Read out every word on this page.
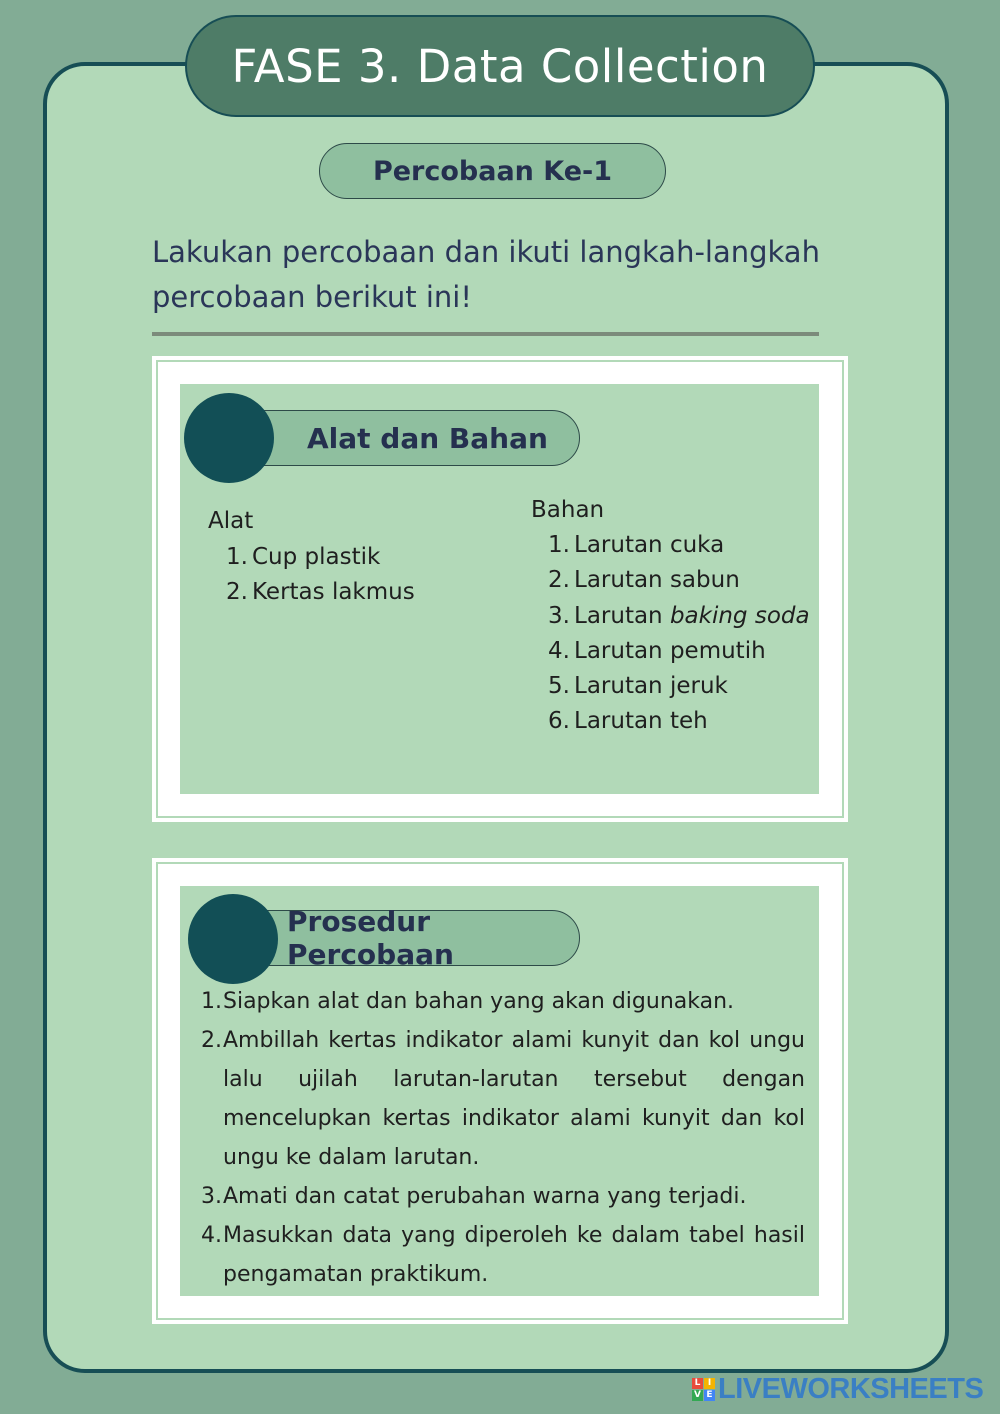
FASE 3. Data Collection
Percobaan Ke-1
Lakukan percobaan dan ikuti langkah-langkah
percobaan berikut ini!
Alat dan Bahan
Alat
1. Cup plastik
2. Kertas lakmus
Bahan
1. Larutan cuka
2. Larutan sabun
3. Larutan baking soda
4. Larutan pemutih
5. Larutan jeruk
6. Larutan teh
Prosedur Percobaan
1. Siapkan alat dan bahan yang akan digunakan.
2. Ambillah kertas indikator alami kunyit dan kol ungu lalu ujilah larutan-larutan tersebut dengan mencelupkan kertas indikator alami kunyit dan kol ungu ke dalam larutan.
3. Amati dan catat perubahan warna yang terjadi.
4. Masukkan data yang diperoleh ke dalam tabel hasil pengamatan praktikum.
L I
V E LIVEWORKSHEETS
